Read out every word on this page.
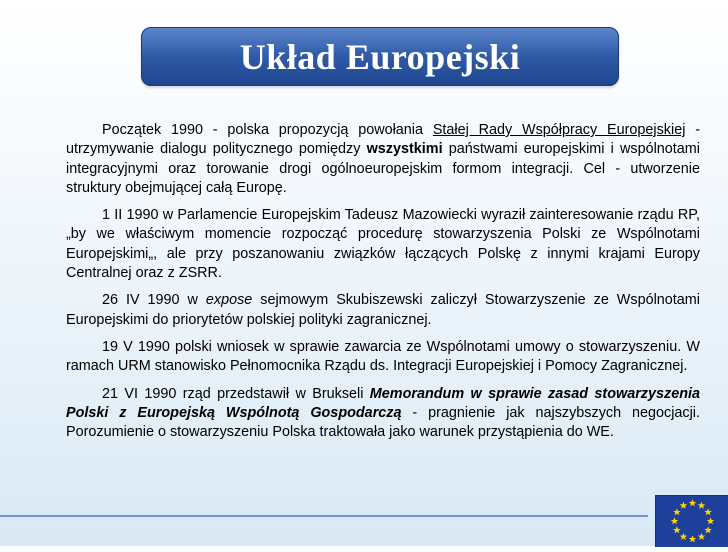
Układ Europejski

Początek 1990 - polska propozycją powołania Stałej Rady Współpracy Europejskiej - utrzymywanie dialogu politycznego pomiędzy wszystkimi państwami europejskimi i wspólnotami integracyjnymi oraz torowanie drogi ogólnoeuropejskim formom integracji. Cel - utworzenie struktury obejmującej całą Europę.

1 II 1990 w Parlamencie Europejskim Tadeusz Mazowiecki wyraził zainteresowanie rządu RP, „by we właściwym momencie rozpocząć procedurę stowarzyszenia Polski ze Wspólnotami Europejskimi„, ale przy poszanowaniu związków łączących Polskę z innymi krajami Europy Centralnej oraz z ZSRR.

26 IV 1990 w expose sejmowym Skubiszewski zaliczył Stowarzyszenie ze Wspólnotami Europejskimi do priorytetów polskiej polityki zagranicznej.

19 V 1990 polski wniosek w sprawie zawarcia ze Wspólnotami umowy o stowarzyszeniu. W ramach URM stanowisko Pełnomocnika Rządu ds. Integracji Europejskiej i Pomocy Zagranicznej.

21 VI 1990 rząd przedstawił w Brukseli Memorandum w sprawie zasad stowarzyszenia Polski z Europejską Wspólnotą Gospodarczą - pragnienie jak najszybszych negocjacji. Porozumienie o stowarzyszeniu Polska traktowała jako warunek przystąpienia do WE.
